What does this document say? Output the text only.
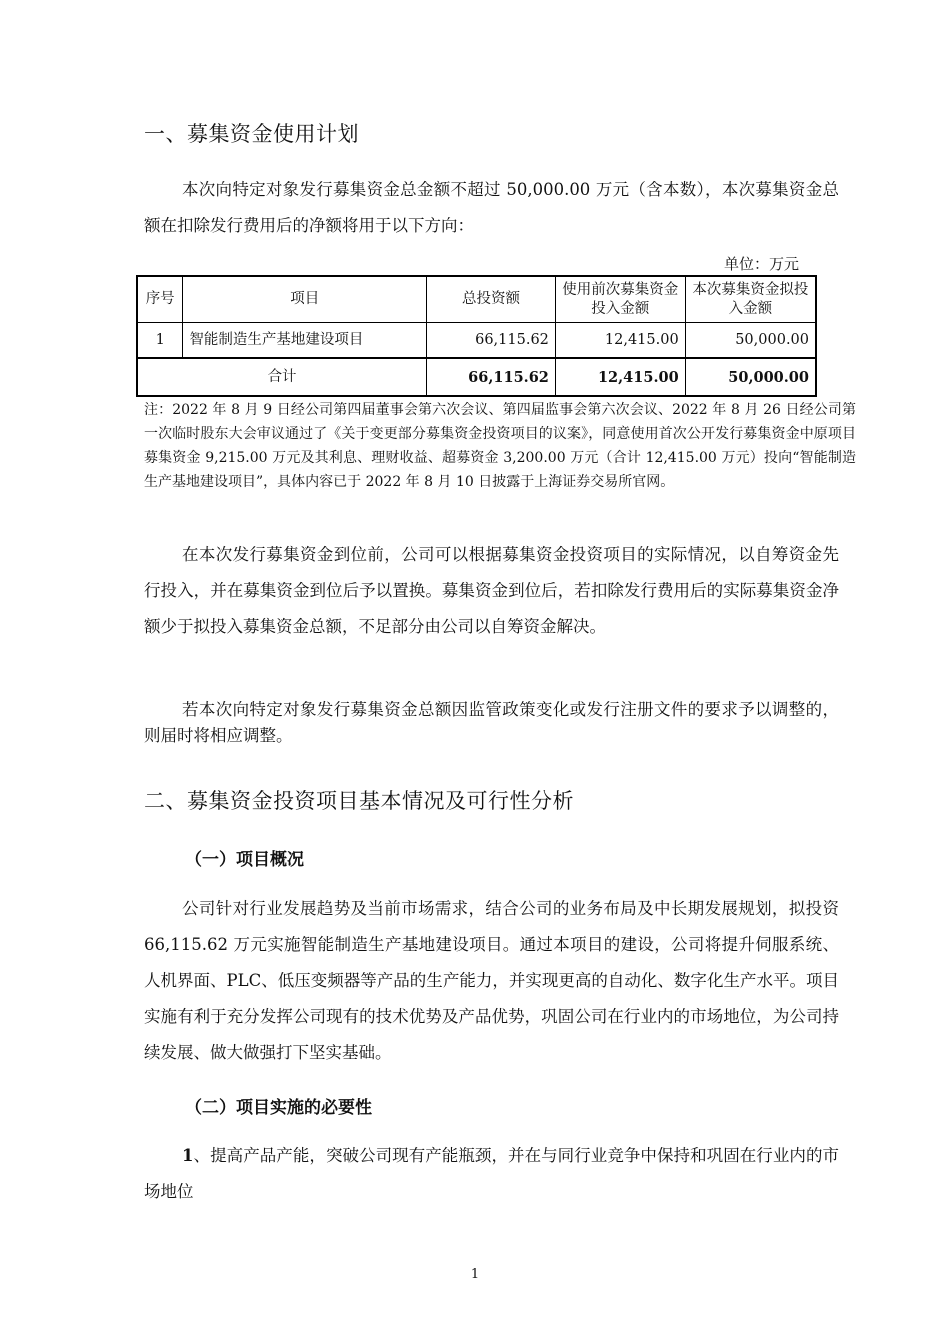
一、募集资金使用计划

本次向特定对象发行募集资金总金额不超过 50,000.00 万元（含本数），本次募集资金总额在扣除发行费用后的净额将用于以下方向：

单位：万元
序号	项目	总投资额	使用前次募集资金投入金额	本次募集资金拟投入金额
1	智能制造生产基地建设项目	66,115.62	12,415.00	50,000.00
合计		66,115.62	12,415.00	50,000.00

注：2022 年 8 月 9 日经公司第四届董事会第六次会议、第四届监事会第六次会议、2022 年 8 月 26 日经公司第一次临时股东大会审议通过了《关于变更部分募集资金投资项目的议案》，同意使用首次公开发行募集资金中原项目募集资金 9,215.00 万元及其利息、理财收益、超募资金 3,200.00 万元（合计 12,415.00 万元）投向“智能制造生产基地建设项目”，具体内容已于 2022 年 8 月 10 日披露于上海证券交易所官网。

在本次发行募集资金到位前，公司可以根据募集资金投资项目的实际情况，以自筹资金先行投入，并在募集资金到位后予以置换。募集资金到位后，若扣除发行费用后的实际募集资金净额少于拟投入募集资金总额，不足部分由公司以自筹资金解决。

若本次向特定对象发行募集资金总额因监管政策变化或发行注册文件的要求予以调整的，则届时将相应调整。

二、募集资金投资项目基本情况及可行性分析
（一）项目概况

公司针对行业发展趋势及当前市场需求，结合公司的业务布局及中长期发展规划，拟投资 66,115.62 万元实施智能制造生产基地建设项目。通过本项目的建设，公司将提升伺服系统、人机界面、PLC、低压变频器等产品的生产能力，并实现更高的自动化、数字化生产水平。项目实施有利于充分发挥公司现有的技术优势及产品优势，巩固公司在行业内的市场地位，为公司持续发展、做大做强打下坚实基础。

（二）项目实施的必要性

1、提高产品产能，突破公司现有产能瓶颈，并在与同行业竞争中保持和巩固在行业内的市场地位

1
